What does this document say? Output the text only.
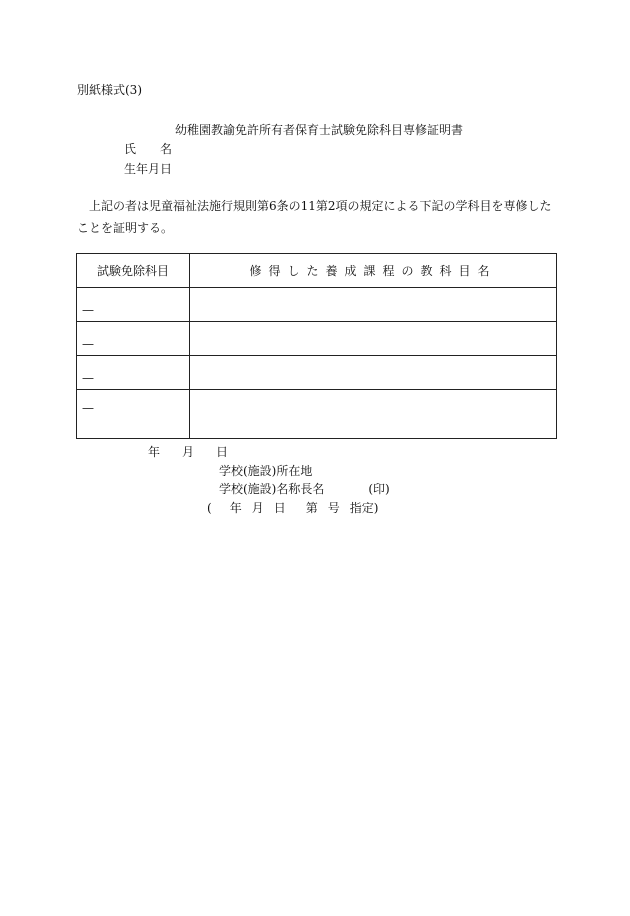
別紙様式(3)
幼稚園教諭免許所有者保育士試験免除科目専修証明書
氏 名
生年月日
上記の者は児童福祉法施行規則第6条の11第2項の規定による下記の学科目を専修したことを証明する。
試験免除科目	修得した養成課程の教科目名

—	

—	

—	

—	

年 月 日
学校(施設)所在地
学校(施設)名称長名	(印)
( 年 月 日 第 号 指定)
